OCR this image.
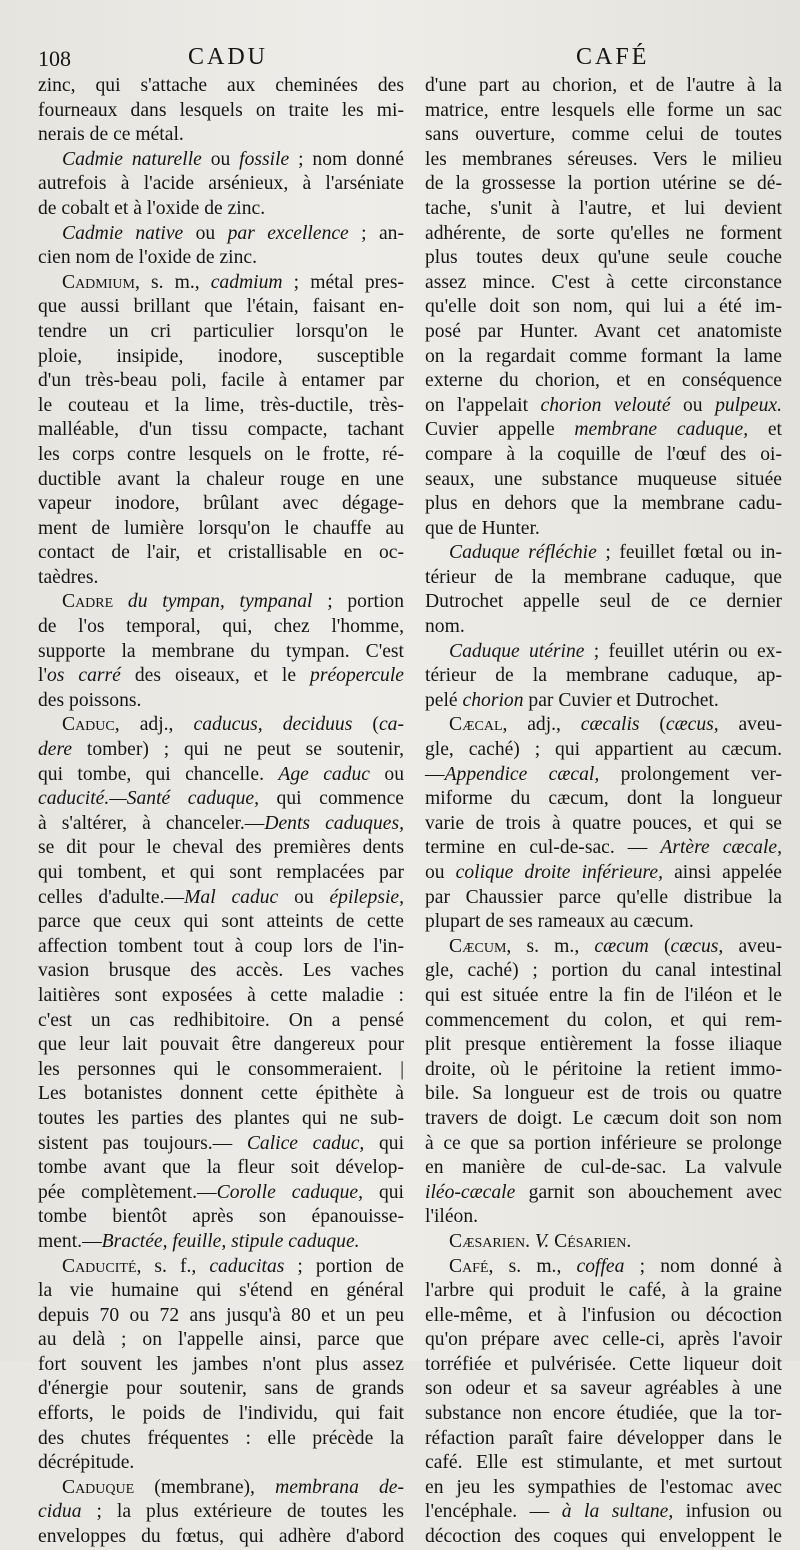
108	CADU	CAFÉ
zinc, qui s'attache aux cheminées des
fourneaux dans lesquels on traite les mi-
nerais de ce métal.
Cadmie naturelle ou fossile ; nom donné
autrefois à l'acide arsénieux, à l'arséniate
de cobalt et à l'oxide de zinc.
Cadmie native ou par excellence ; an-
cien nom de l'oxide de zinc.
Cadmium, s. m., cadmium ; métal pres-
que aussi brillant que l'étain, faisant en-
tendre un cri particulier lorsqu'on le
ploie, insipide, inodore, susceptible
d'un très-beau poli, facile à entamer par
le couteau et la lime, très-ductile, très-
malléable, d'un tissu compacte, tachant
les corps contre lesquels on le frotte, ré-
ductible avant la chaleur rouge en une
vapeur inodore, brûlant avec dégage-
ment de lumière lorsqu'on le chauffe au
contact de l'air, et cristallisable en oc-
taèdres.
Cadre du tympan, tympanal ; portion
de l'os temporal, qui, chez l'homme,
supporte la membrane du tympan. C'est
l'os carré des oiseaux, et le préopercule
des poissons.
Caduc, adj., caducus, deciduus (ca-
dere tomber) ; qui ne peut se soutenir,
qui tombe, qui chancelle. Age caduc ou
caducité.—Santé caduque, qui commence
à s'altérer, à chanceler.—Dents caduques,
se dit pour le cheval des premières dents
qui tombent, et qui sont remplacées par
celles d'adulte.—Mal caduc ou épilepsie,
parce que ceux qui sont atteints de cette
affection tombent tout à coup lors de l'in-
vasion brusque des accès. Les vaches
laitières sont exposées à cette maladie :
c'est un cas redhibitoire. On a pensé
que leur lait pouvait être dangereux pour
les personnes qui le consommeraient. |
Les botanistes donnent cette épithète à
toutes les parties des plantes qui ne sub-
sistent pas toujours.— Calice caduc, qui
tombe avant que la fleur soit dévelop-
pée complètement.—Corolle caduque, qui
tombe bientôt après son épanouisse-
ment.—Bractée, feuille, stipule caduque.
Caducité, s. f., caducitas ; portion de
la vie humaine qui s'étend en général
depuis 70 ou 72 ans jusqu'à 80 et un peu
au delà ; on l'appelle ainsi, parce que
fort souvent les jambes n'ont plus assez
d'énergie pour soutenir, sans de grands
efforts, le poids de l'individu, qui fait
des chutes fréquentes : elle précède la
décrépitude.
Caduque (membrane), membrana de-
cidua ; la plus extérieure de toutes les
enveloppes du fœtus, qui adhère d'abord
d'une part au chorion, et de l'autre à la
matrice, entre lesquels elle forme un sac
sans ouverture, comme celui de toutes
les membranes séreuses. Vers le milieu
de la grossesse la portion utérine se dé-
tache, s'unit à l'autre, et lui devient
adhérente, de sorte qu'elles ne forment
plus toutes deux qu'une seule couche
assez mince. C'est à cette circonstance
qu'elle doit son nom, qui lui a été im-
posé par Hunter. Avant cet anatomiste
on la regardait comme formant la lame
externe du chorion, et en conséquence
on l'appelait chorion velouté ou pulpeux.
Cuvier appelle membrane caduque, et
compare à la coquille de l'œuf des oi-
seaux, une substance muqueuse située
plus en dehors que la membrane cadu-
que de Hunter.
Caduque réfléchie ; feuillet fœtal ou in-
térieur de la membrane caduque, que
Dutrochet appelle seul de ce dernier
nom.
Caduque utérine ; feuillet utérin ou ex-
térieur de la membrane caduque, ap-
pelé chorion par Cuvier et Dutrochet.
Cæcal, adj., cæcalis (cæcus, aveu-
gle, caché) ; qui appartient au cæcum.
—Appendice cæcal, prolongement ver-
miforme du cæcum, dont la longueur
varie de trois à quatre pouces, et qui se
termine en cul-de-sac. — Artère cæcale,
ou colique droite inférieure, ainsi appelée
par Chaussier parce qu'elle distribue la
plupart de ses rameaux au cæcum.
Cæcum, s. m., cæcum (cæcus, aveu-
gle, caché) ; portion du canal intestinal
qui est située entre la fin de l'iléon et le
commencement du colon, et qui rem-
plit presque entièrement la fosse iliaque
droite, où le péritoine la retient immo-
bile. Sa longueur est de trois ou quatre
travers de doigt. Le cæcum doit son nom
à ce que sa portion inférieure se prolonge
en manière de cul-de-sac. La valvule
iléo-cæcale garnit son abouchement avec
l'iléon.
Cæsarien. V. Césarien.
Café, s. m., coffea ; nom donné à
l'arbre qui produit le café, à la graine
elle-même, et à l'infusion ou décoction
qu'on prépare avec celle-ci, après l'avoir
torréfiée et pulvérisée. Cette liqueur doit
son odeur et sa saveur agréables à une
substance non encore étudiée, que la tor-
réfaction paraît faire développer dans le
café. Elle est stimulante, et met surtout
en jeu les sympathies de l'estomac avec
l'encéphale. — à la sultane, infusion ou
décoction des coques qui enveloppent le
